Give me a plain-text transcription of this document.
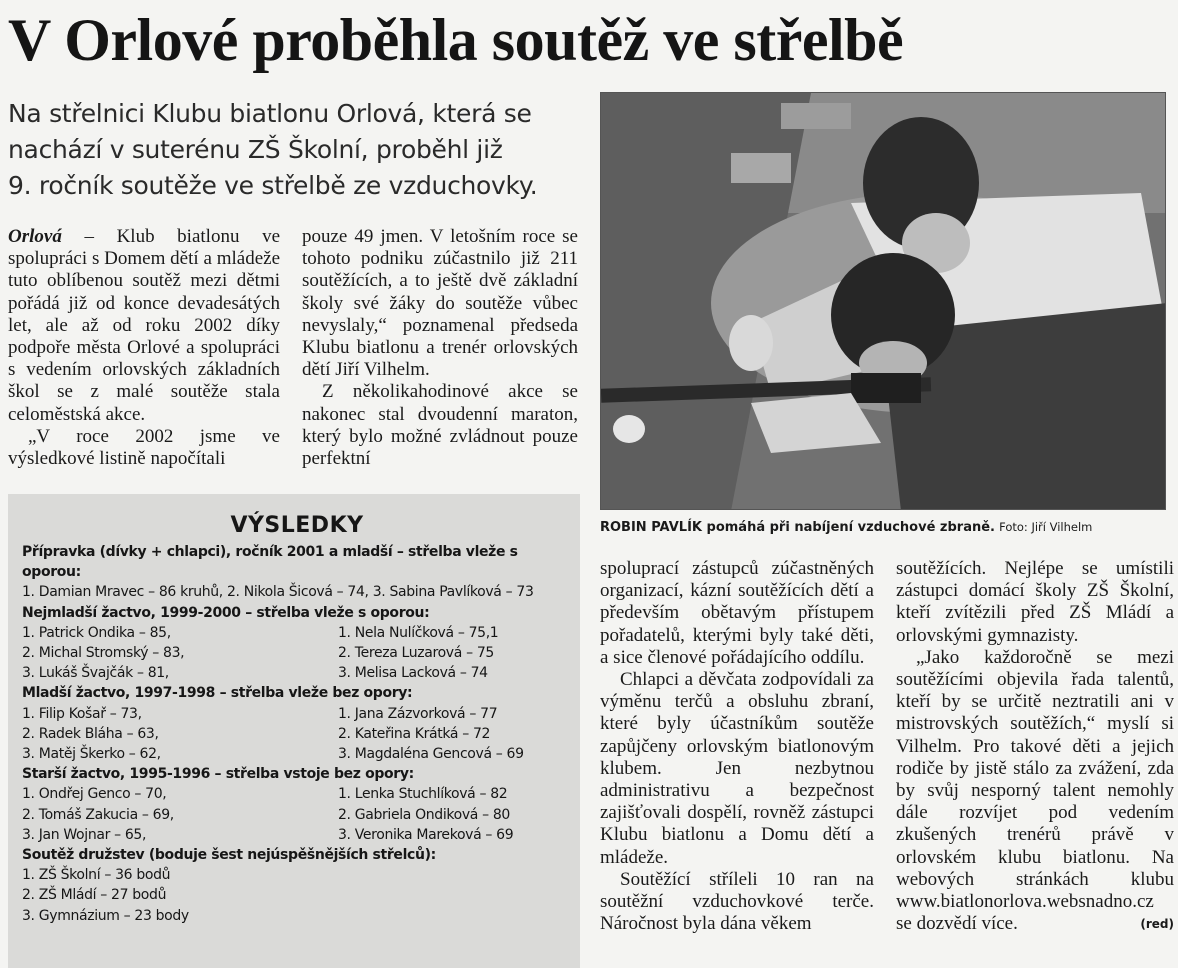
V Orlové proběhla soutěž ve střelbě

Na střelnici Klubu biatlonu Orlová, která se

nachází v suterénu ZŠ Školní, proběhl již

9. ročník soutěže ve střelbě ze vzduchovky.

Orlová – Klub biatlonu ve spolupráci s Domem dětí a mládeže tuto oblíbenou soutěž mezi dětmi pořádá již od konce devadesátých let, ale až od roku 2002 díky podpoře města Orlové a spolupráci s vedením orlovských základních škol se z malé soutěže stala celoměstská akce.

„V roce 2002 jsme ve výsledkové listině napočítali

pouze 49 jmen. V letošním roce se tohoto podniku zúčastnilo již 211 soutěžících, a to ještě dvě základní školy své žáky do soutěže vůbec nevyslaly,“ poznamenal předseda Klubu biatlonu a trenér orlovských dětí Jiří Vilhelm.

Z několikahodinové akce se nakonec stal dvoudenní maraton, který bylo možné zvládnout pouze perfektní

ROBIN PAVLÍK pomáhá při nabíjení vzduchové zbraně. Foto: Jiří Vilhelm
VÝSLEDKY
Přípravka (dívky + chlapci), ročník 2001 a mladší – střelba vleže s oporou:
1. Damian Mravec – 86 kruhů, 2. Nikola Šicová – 74, 3. Sabina Pavlíková – 73
Nejmladší žactvo, 1999-2000 – střelba vleže s oporou:
1. Patrick Ondika – 85,	1. Nela Nulíčková – 75,1
2. Michal Stromský – 83,	2. Tereza Luzarová – 75
3. Lukáš Švajčák – 81,	3. Melisa Lacková – 74
Mladší žactvo, 1997-1998 – střelba vleže bez opory:
1. Filip Košař – 73,	1. Jana Zázvorková – 77
2. Radek Bláha – 63,	2. Kateřina Krátká – 72
3. Matěj Škerko – 62,	3. Magdaléna Gencová – 69
Starší žactvo, 1995-1996 – střelba vstoje bez opory:
1. Ondřej Genco – 70,	1. Lenka Stuchlíková – 82
2. Tomáš Zakucia – 69,	2. Gabriela Ondiková – 80
3. Jan Wojnar – 65,	3. Veronika Mareková – 69
Soutěž družstev (boduje šest nejúspěšnějších střelců):
1. ZŠ Školní – 36 bodů
2. ZŠ Mládí – 27 bodů
3. Gymnázium – 23 body

spoluprací zástupců zúčastněných organizací, kázní soutěžících dětí a především obětavým přístupem pořadatelů, kterými byly také děti, a sice členové pořádajícího oddílu.

Chlapci a děvčata zodpovídali za výměnu terčů a obsluhu zbraní, které byly účastníkům soutěže zapůjčeny orlovským biatlonovým klubem. Jen nezbytnou administrativu a bezpečnost zajišťovali dospělí, rovněž zástupci Klubu biatlonu a Domu dětí a mládeže.

Soutěžící stříleli 10 ran na soutěžní vzduchovkové terče. Náročnost byla dána věkem

soutěžících. Nejlépe se umístili zástupci domácí školy ZŠ Školní, kteří zvítězili před ZŠ Mládí a orlovskými gymnazisty.

„Jako každoročně se mezi soutěžícími objevila řada talentů, kteří by se určitě neztratili ani v mistrovských soutěžích,“ myslí si Vilhelm. Pro takové děti a jejich rodiče by jistě stálo za zvážení, zda by svůj nesporný talent nemohly dále rozvíjet pod vedením zkušených trenérů právě v orlovském klubu biatlonu. Na webových stránkách klubu www.biatlonorlova.websnadno.cz se dozvědí více.	(red)
